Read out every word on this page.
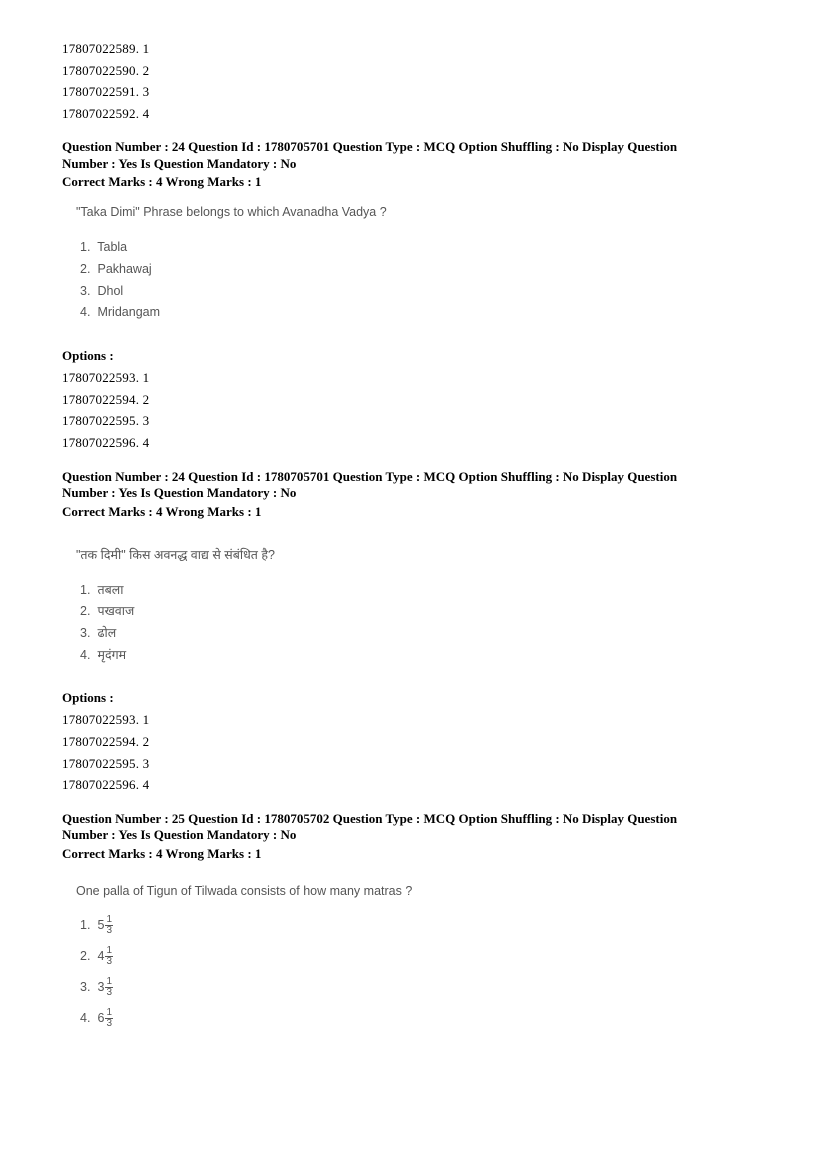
17807022589. 1
17807022590. 2
17807022591. 3
17807022592. 4
Question Number : 24 Question Id : 1780705701 Question Type : MCQ Option Shuffling : No Display Question
Number : Yes Is Question Mandatory : No
Correct Marks : 4 Wrong Marks : 1
"Taka Dimi" Phrase belongs to which Avanadha Vadya ?
1. Tabla
2. Pakhawaj
3. Dhol
4. Mridangam
Options :
17807022593. 1
17807022594. 2
17807022595. 3
17807022596. 4
Question Number : 24 Question Id : 1780705701 Question Type : MCQ Option Shuffling : No Display Question
Number : Yes Is Question Mandatory : No
Correct Marks : 4 Wrong Marks : 1
"तक दिमी" किस अवनद्ध वाद्य से संबंधित है?
1. तबला
2. पखवाज
3. ढोल
4. मृदंगम
Options :
17807022593. 1
17807022594. 2
17807022595. 3
17807022596. 4
Question Number : 25 Question Id : 1780705702 Question Type : MCQ Option Shuffling : No Display Question
Number : Yes Is Question Mandatory : No
Correct Marks : 4 Wrong Marks : 1
One palla of Tigun of Tilwada consists of how many matras ?
1.
$5 \frac{1}{3}$
2.
$4 \frac{1}{3}$
3.
$3 \frac{1}{3}$
4.
$6 \frac{1}{3}$
